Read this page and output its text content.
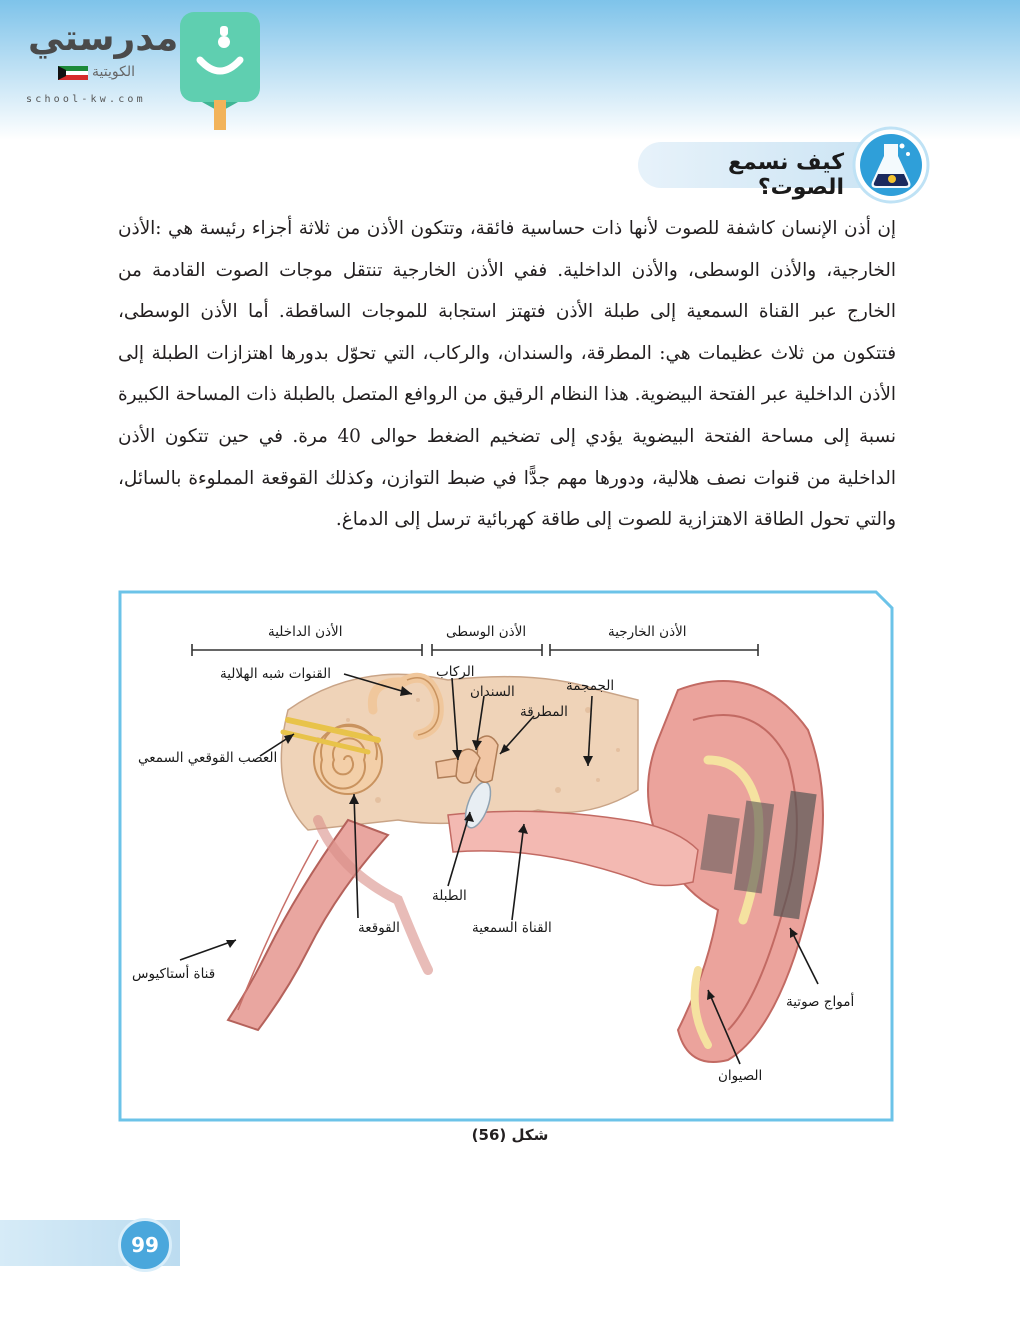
مدرستي
الكويتية
school-kw.com
كيف نسمع الصوت؟
إن أذن الإنسان كاشفة للصوت لأنها ذات حساسية فائقة، وتتكون الأذن من ثلاثة أجزاء رئيسة هي :الأذن الخارجية، والأذن الوسطى، والأذن الداخلية. ففي الأذن الخارجية تنتقل موجات الصوت القادمة من الخارج عبر القناة السمعية إلى طبلة الأذن فتهتز استجابة للموجات الساقطة. أما الأذن الوسطى، فتتكون من ثلاث عظيمات هي: المطرقة، والسندان، والركاب، التي تحوّل بدورها اهتزازات الطبلة إلى الأذن الداخلية عبر الفتحة البيضوية. هذا النظام الرقيق من الروافع المتصل بالطبلة ذات المساحة الكبيرة نسبة إلى مساحة الفتحة البيضوية يؤدي إلى تضخيم الضغط حوالى 40 مرة. في حين تتكون الأذن الداخلية من قنوات نصف هلالية، ودورها مهم جدًّا في ضبط التوازن، وكذلك القوقعة المملوءة بالسائل، والتي تحول الطاقة الاهتزازية للصوت إلى طاقة كهربائية ترسل إلى الدماغ.
الأذن الداخلية	الأذن الوسطى	الأذن الخارجية
القنوات شبه الهلالية	الركاب
السندان
المطرقة
الجمجمة
العصب القوقعي السمعي
القوقعة
الطبلة
القناة السمعية
قناة أستاكيوس
أمواج صوتية
الصيوان
شكل (56)
99
